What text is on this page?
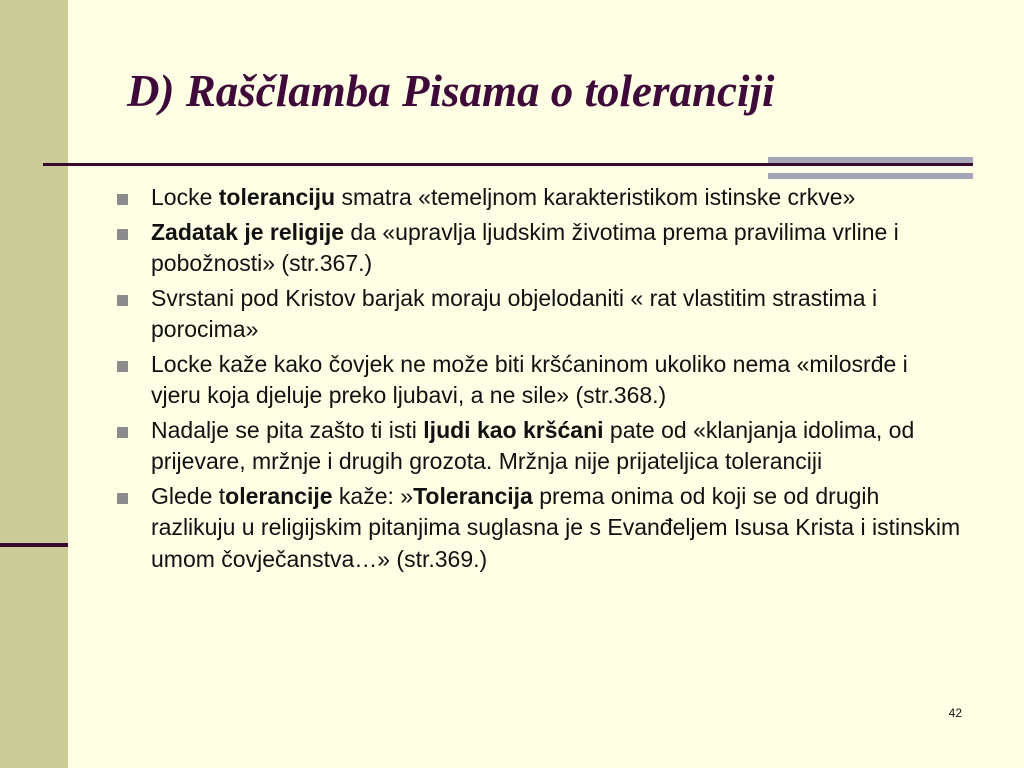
D) Raščlamba Pisama o toleranciji
Locke toleranciju smatra «temeljnom karakteristikom istinske crkve»
Zadatak je religije da «upravlja ljudskim životima prema pravilima vrline i pobožnosti» (str.367.)
Svrstani pod Kristov barjak moraju objelodaniti « rat vlastitim strastima i porocima»
Locke kaže kako čovjek ne može biti kršćaninom ukoliko nema «milosrđe i vjeru koja djeluje preko ljubavi, a ne sile» (str.368.)
Nadalje se pita zašto ti isti ljudi kao kršćani pate od «klanjanja idolima, od prijevare, mržnje i drugih grozota. Mržnja nije prijateljica toleranciji
Glede tolerancije kaže: »Tolerancija prema onima od koji se od drugih razlikuju u religijskim pitanjima suglasna je s Evanđeljem Isusa Krista i istinskim umom čovječanstva…» (str.369.)
42
